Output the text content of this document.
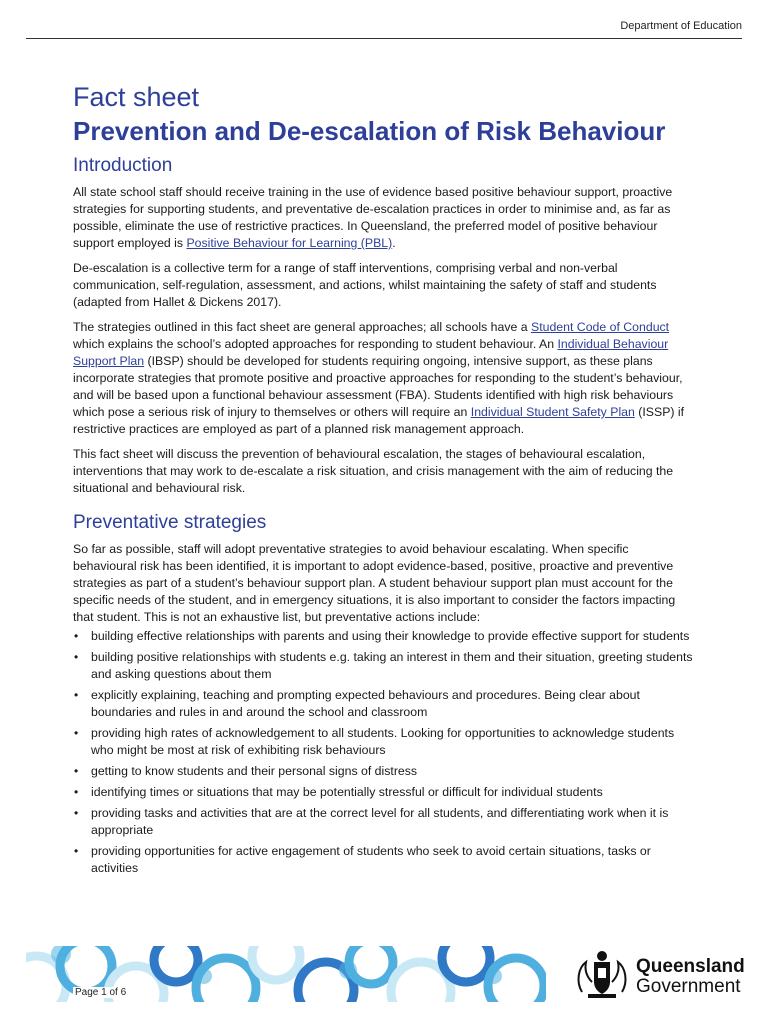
Department of Education
Fact sheet
Prevention and De-escalation of Risk Behaviour
Introduction

All state school staff should receive training in the use of evidence based positive behaviour support, proactive strategies for supporting students, and preventative de-escalation practices in order to minimise and, as far as possible, eliminate the use of restrictive practices. In Queensland, the preferred model of positive behaviour support employed is Positive Behaviour for Learning (PBL).

De-escalation is a collective term for a range of staff interventions, comprising verbal and non-verbal communication, self-regulation, assessment, and actions, whilst maintaining the safety of staff and students (adapted from Hallet & Dickens 2017).

The strategies outlined in this fact sheet are general approaches; all schools have a Student Code of Conduct which explains the school’s adopted approaches for responding to student behaviour. An Individual Behaviour Support Plan (IBSP) should be developed for students requiring ongoing, intensive support, as these plans incorporate strategies that promote positive and proactive approaches for responding to the student’s behaviour, and will be based upon a functional behaviour assessment (FBA). Students identified with high risk behaviours which pose a serious risk of injury to themselves or others will require an Individual Student Safety Plan (ISSP) if restrictive practices are employed as part of a planned risk management approach.

This fact sheet will discuss the prevention of behavioural escalation, the stages of behavioural escalation, interventions that may work to de-escalate a risk situation, and crisis management with the aim of reducing the situational and behavioural risk.

Preventative strategies

So far as possible, staff will adopt preventative strategies to avoid behaviour escalating. When specific behavioural risk has been identified, it is important to adopt evidence-based, positive, proactive and preventive strategies as part of a student’s behaviour support plan. A student behaviour support plan must account for the specific needs of the student, and in emergency situations, it is also important to consider the factors impacting that student. This is not an exhaustive list, but preventative actions include:

• building effective relationships with parents and using their knowledge to provide effective support for students
• building positive relationships with students e.g. taking an interest in them and their situation, greeting students and asking questions about them
• explicitly explaining, teaching and prompting expected behaviours and procedures. Being clear about boundaries and rules in and around the school and classroom
• providing high rates of acknowledgement to all students. Looking for opportunities to acknowledge students who might be most at risk of exhibiting risk behaviours
• getting to know students and their personal signs of distress
• identifying times or situations that may be potentially stressful or difficult for individual students
• providing tasks and activities that are at the correct level for all students, and differentiating work when it is appropriate
• providing opportunities for active engagement of students who seek to avoid certain situations, tasks or activities
Page 1 of 6
Queensland
Government
